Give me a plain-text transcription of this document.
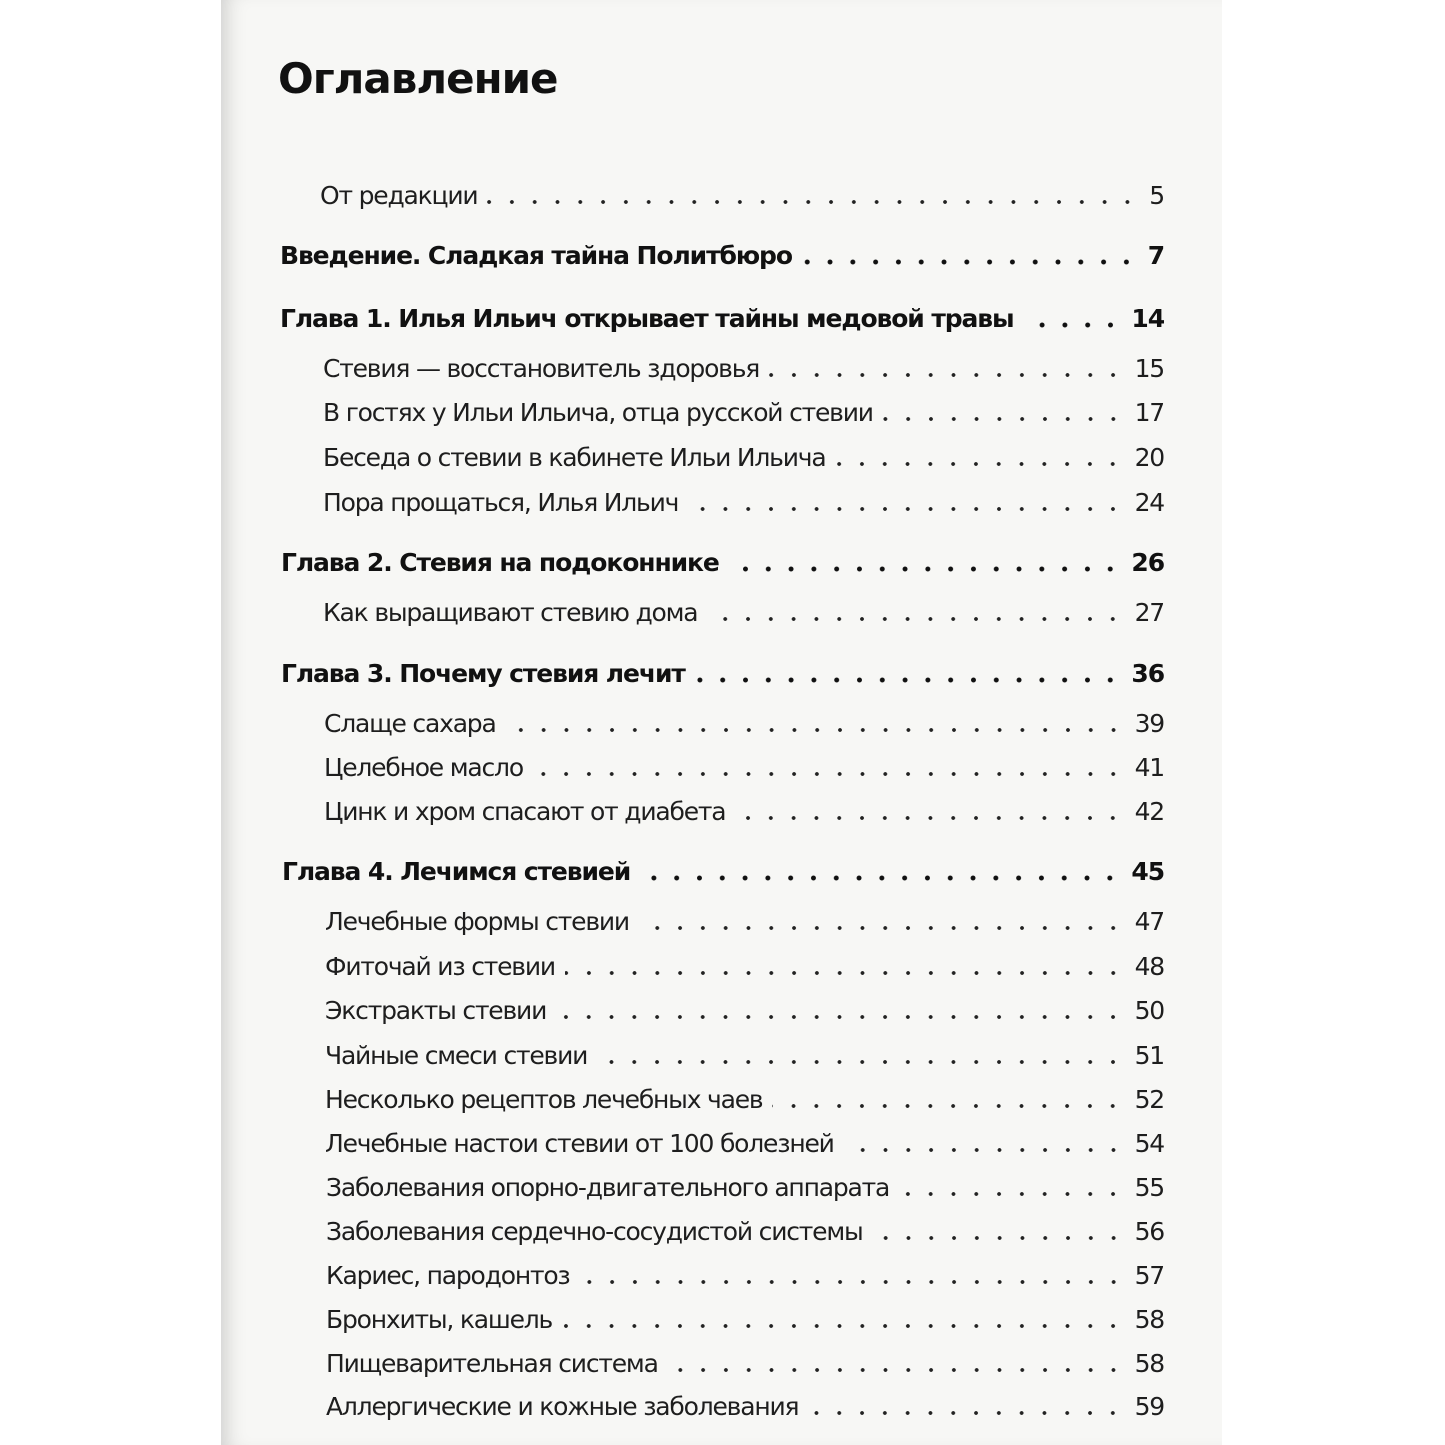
Оглавление
От редакции	5
Введение. Сладкая тайна Политбюро	7
Глава 1. Илья Ильич открывает тайны медовой травы	14
Стевия — восстановитель здоровья	15
В гостях у Ильи Ильича, отца русской стевии	17
Беседа о стевии в кабинете Ильи Ильича	20
Пора прощаться, Илья Ильич	24
Глава 2. Стевия на подоконнике	26
Как выращивают стевию дома	27
Глава 3. Почему стевия лечит	36
Слаще сахара	39
Целебное масло	41
Цинк и хром спасают от диабета	42
Глава 4. Лечимся стевией	45
Лечебные формы стевии	47
Фиточай из стевии	48
Экстракты стевии	50
Чайные смеси стевии	51
Несколько рецептов лечебных чаев	52
Лечебные настои стевии от 100 болезней	54
Заболевания опорно-двигательного аппарата	55
Заболевания сердечно-сосудистой системы	56
Кариес, пародонтоз	57
Бронхиты, кашель	58
Пищеварительная система	58
Аллергические и кожные заболевания	59
